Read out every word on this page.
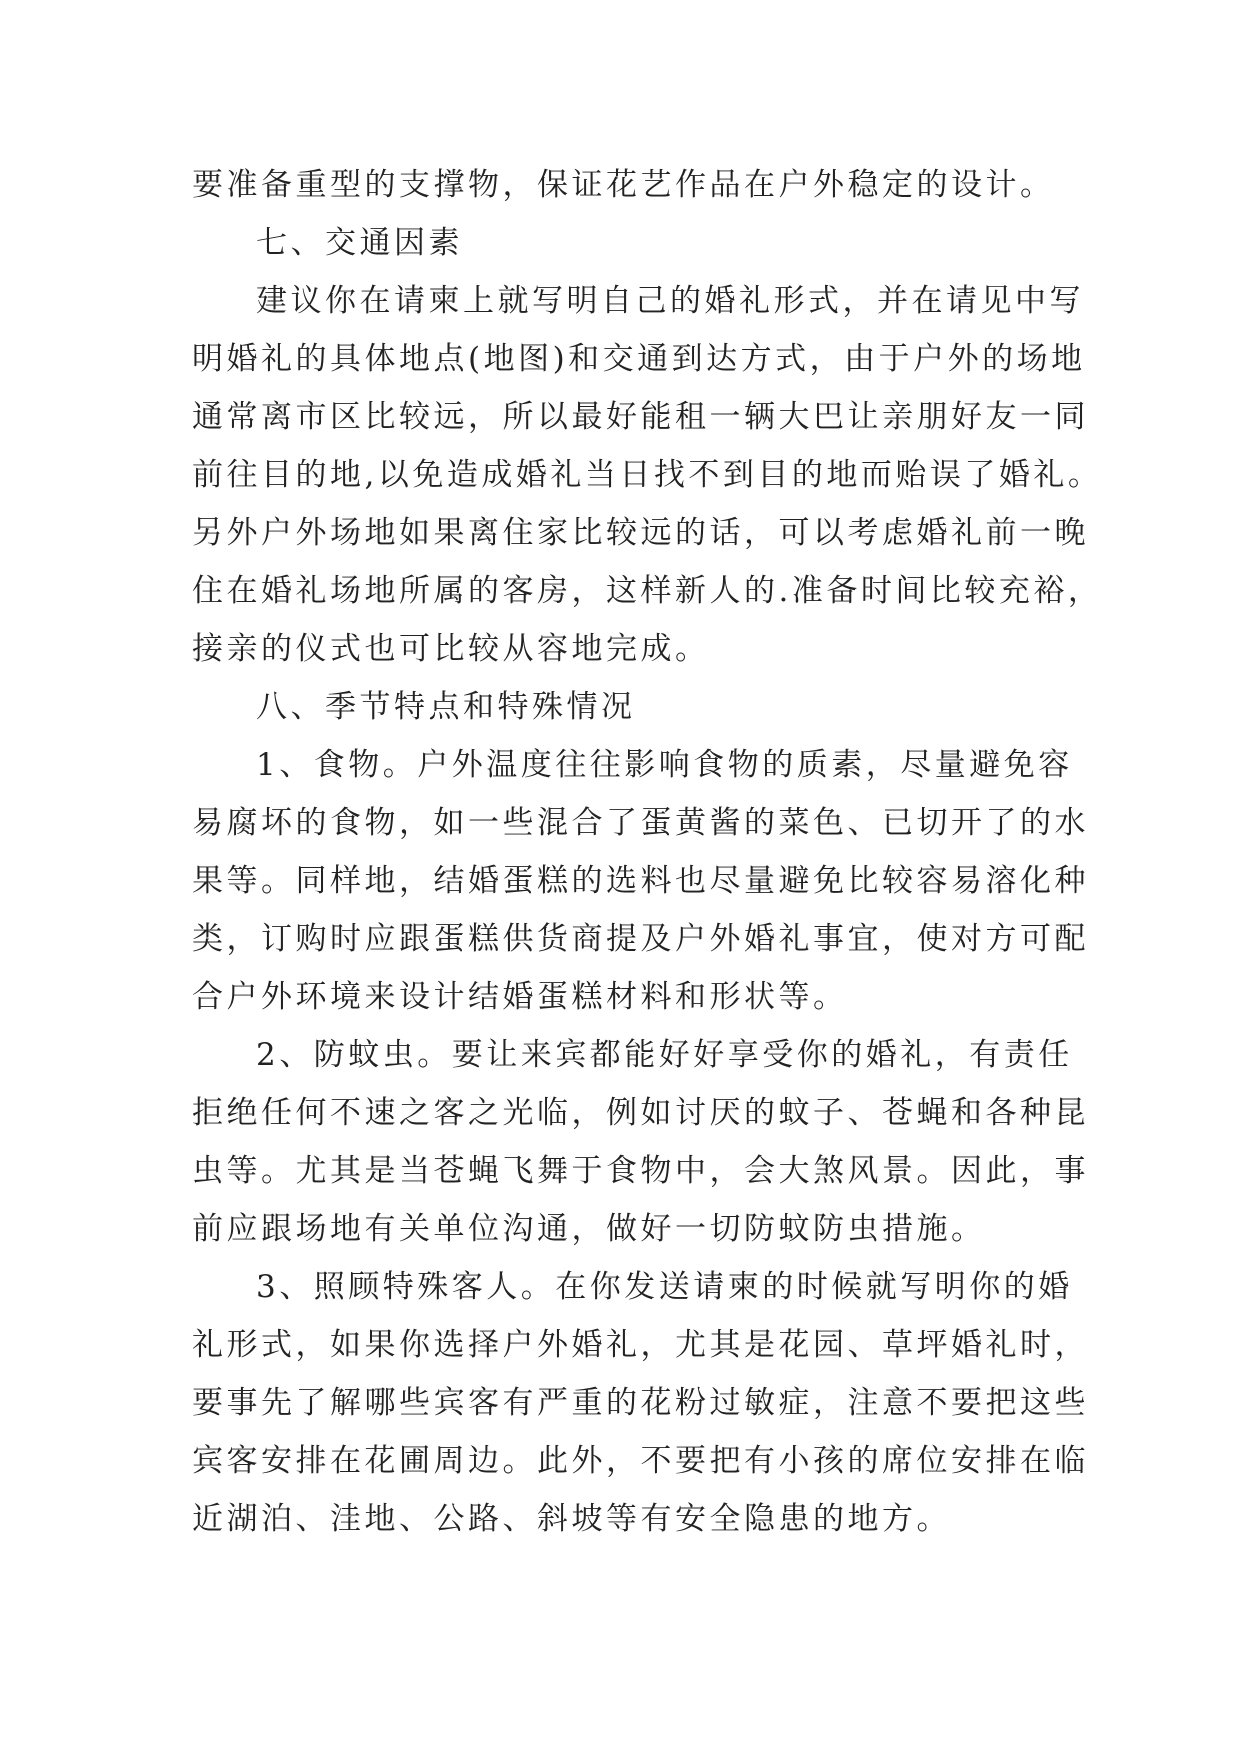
要准备重型的支撑物，保证花艺作品在户外稳定的设计。
七、交通因素
建议你在请柬上就写明自己的婚礼形式，并在请见中写
明婚礼的具体地点(地图)和交通到达方式，由于户外的场地
通常离市区比较远，所以最好能租一辆大巴让亲朋好友一同
前往目的地,以免造成婚礼当日找不到目的地而贻误了婚礼。
另外户外场地如果离住家比较远的话，可以考虑婚礼前一晚
住在婚礼场地所属的客房，这样新人的.准备时间比较充裕，
接亲的仪式也可比较从容地完成。
八、季节特点和特殊情况
1、食物。户外温度往往影响食物的质素，尽量避免容
易腐坏的食物，如一些混合了蛋黄酱的菜色、已切开了的水
果等。同样地，结婚蛋糕的选料也尽量避免比较容易溶化种
类，订购时应跟蛋糕供货商提及户外婚礼事宜，使对方可配
合户外环境来设计结婚蛋糕材料和形状等。
2、防蚊虫。要让来宾都能好好享受你的婚礼，有责任
拒绝任何不速之客之光临，例如讨厌的蚊子、苍蝇和各种昆
虫等。尤其是当苍蝇飞舞于食物中，会大煞风景。因此，事
前应跟场地有关单位沟通，做好一切防蚊防虫措施。
3、照顾特殊客人。在你发送请柬的时候就写明你的婚
礼形式，如果你选择户外婚礼，尤其是花园、草坪婚礼时，
要事先了解哪些宾客有严重的花粉过敏症，注意不要把这些
宾客安排在花圃周边。此外，不要把有小孩的席位安排在临
近湖泊、洼地、公路、斜坡等有安全隐患的地方。
